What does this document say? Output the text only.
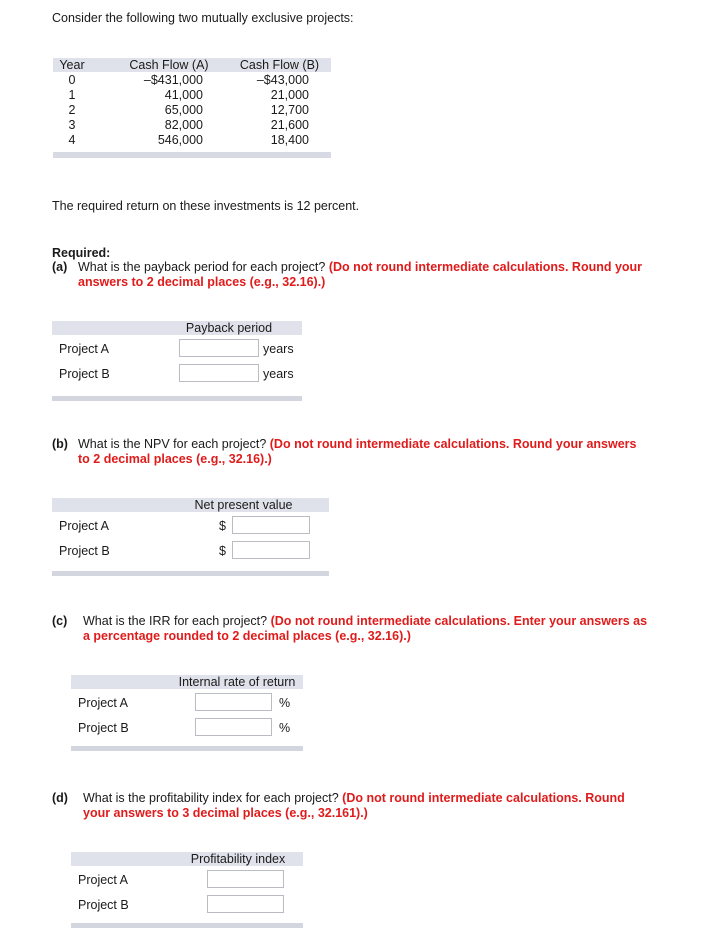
Consider the following two mutually exclusive projects:
Year	Cash Flow (A)	Cash Flow (B)
0	–$431,000	–$43,000
1	41,000	21,000
2	65,000	12,700
3	82,000	21,600
4	546,000	18,400
The required return on these investments is 12 percent.
Required:
(a) What is the payback period for each project? (Do not round intermediate calculations. Round your
answers to 2 decimal places (e.g., 32.16).)
Payback period
Project A	years
Project B	years
(b) What is the NPV for each project? (Do not round intermediate calculations. Round your answers
to 2 decimal places (e.g., 32.16).)
Net present value
Project A	$
Project B	$
(c) What is the IRR for each project? (Do not round intermediate calculations. Enter your answers as
a percentage rounded to 2 decimal places (e.g., 32.16).)
Internal rate of return
Project A	%
Project B	%
(d) What is the profitability index for each project? (Do not round intermediate calculations. Round
your answers to 3 decimal places (e.g., 32.161).)
Profitability index
Project A
Project B
